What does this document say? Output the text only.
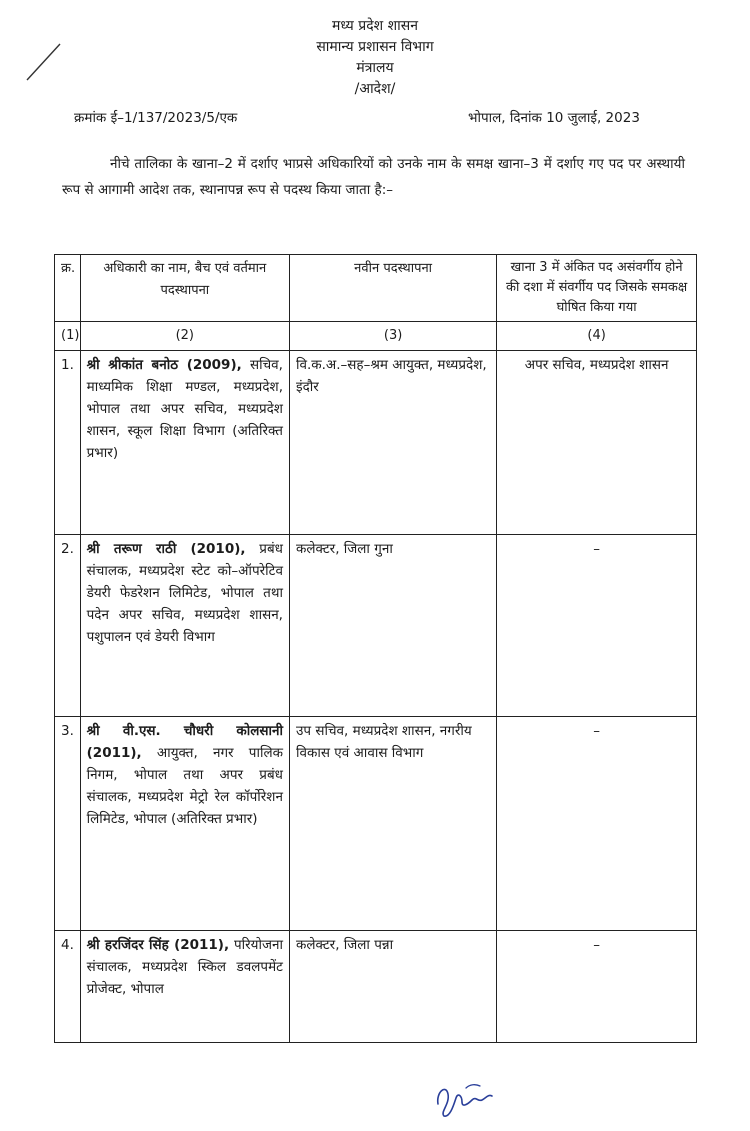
मध्य प्रदेश शासन
सामान्य प्रशासन विभाग
मंत्रालय
/आदेश/
क्रमांक ई–1/137/2023/5/एक	भोपाल, दिनांक 10 जुलाई, 2023
नीचे तालिका के खाना–2 में दर्शाए भाप्रसे अधिकारियों को उनके नाम के समक्ष खाना–3 में दर्शाए गए पद पर अस्थायी रूप से आगामी आदेश तक, स्थानापन्न रूप से पदस्थ किया जाता है:–
क्र.	अधिकारी का नाम, बैच एवं वर्तमान पदस्थापना	नवीन पदस्थापना	खाना 3 में अंकित पद असंवर्गीय होने की दशा में संवर्गीय पद जिसके समकक्ष घोषित किया गया
(1)	(2)	(3)	(4)
1.	श्री श्रीकांत बनोठ (2009), सचिव, माध्यमिक शिक्षा मण्डल, मध्यप्रदेश, भोपाल तथा अपर सचिव, मध्यप्रदेश शासन, स्कूल शिक्षा विभाग (अतिरिक्त प्रभार)	वि.क.अ.–सह–श्रम आयुक्त, मध्यप्रदेश, इंदौर	अपर सचिव, मध्यप्रदेश शासन
2.	श्री तरूण राठी (2010), प्रबंध संचालक, मध्यप्रदेश स्टेट को–ऑपरेटिव डेयरी फेडरेशन लिमिटेड, भोपाल तथा पदेन अपर सचिव, मध्यप्रदेश शासन, पशुपालन एवं डेयरी विभाग	कलेक्टर, जिला गुना	–
3.	श्री वी.एस. चौधरी कोलसानी (2011), आयुक्त, नगर पालिक निगम, भोपाल तथा अपर प्रबंध संचालक, मध्यप्रदेश मेट्रो रेल कॉर्पोरेशन लिमिटेड, भोपाल (अतिरिक्त प्रभार)	उप सचिव, मध्यप्रदेश शासन, नगरीय विकास एवं आवास विभाग	–
4.	श्री हरजिंदर सिंह (2011), परियोजना संचालक, मध्यप्रदेश स्किल डवलपमेंट प्रोजेक्ट, भोपाल	कलेक्टर, जिला पन्ना	–
